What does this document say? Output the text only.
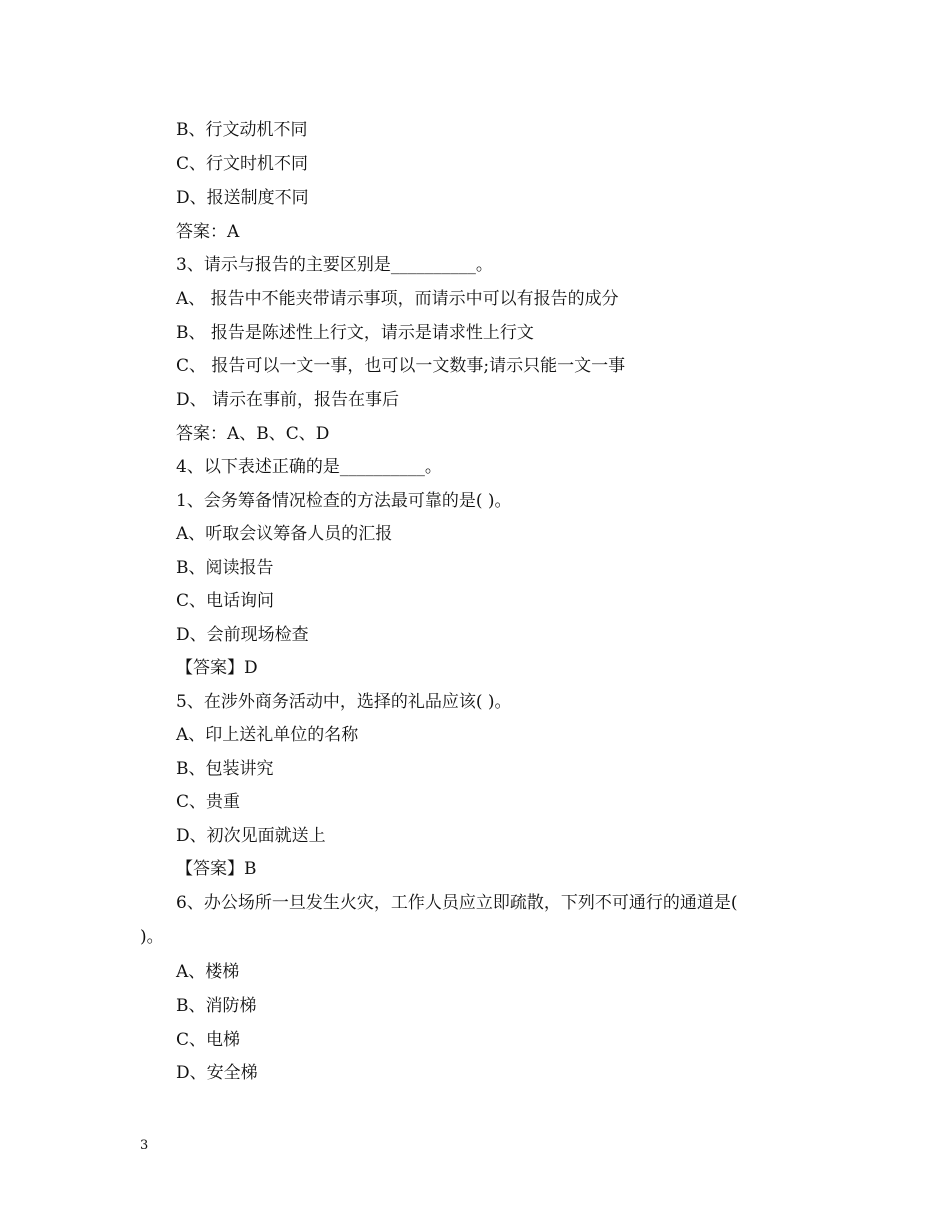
B、行文动机不同
C、行文时机不同
D、报送制度不同
答案：A
3、请示与报告的主要区别是__________。
A、 报告中不能夹带请示事项，而请示中可以有报告的成分
B、 报告是陈述性上行文，请示是请求性上行文
C、 报告可以一文一事，也可以一文数事;请示只能一文一事
D、 请示在事前，报告在事后
答案：A、B、C、D
4、以下表述正确的是__________。
1、会务筹备情况检查的方法最可靠的是( )。
A、听取会议筹备人员的汇报
B、阅读报告
C、电话询问
D、会前现场检查
【答案】D
5、在涉外商务活动中，选择的礼品应该( )。
A、印上送礼单位的名称
B、包装讲究
C、贵重
D、初次见面就送上
【答案】B
6、办公场所一旦发生火灾，工作人员应立即疏散，下列不可通行的通道是(
)。
A、楼梯
B、消防梯
C、电梯
D、安全梯
3
